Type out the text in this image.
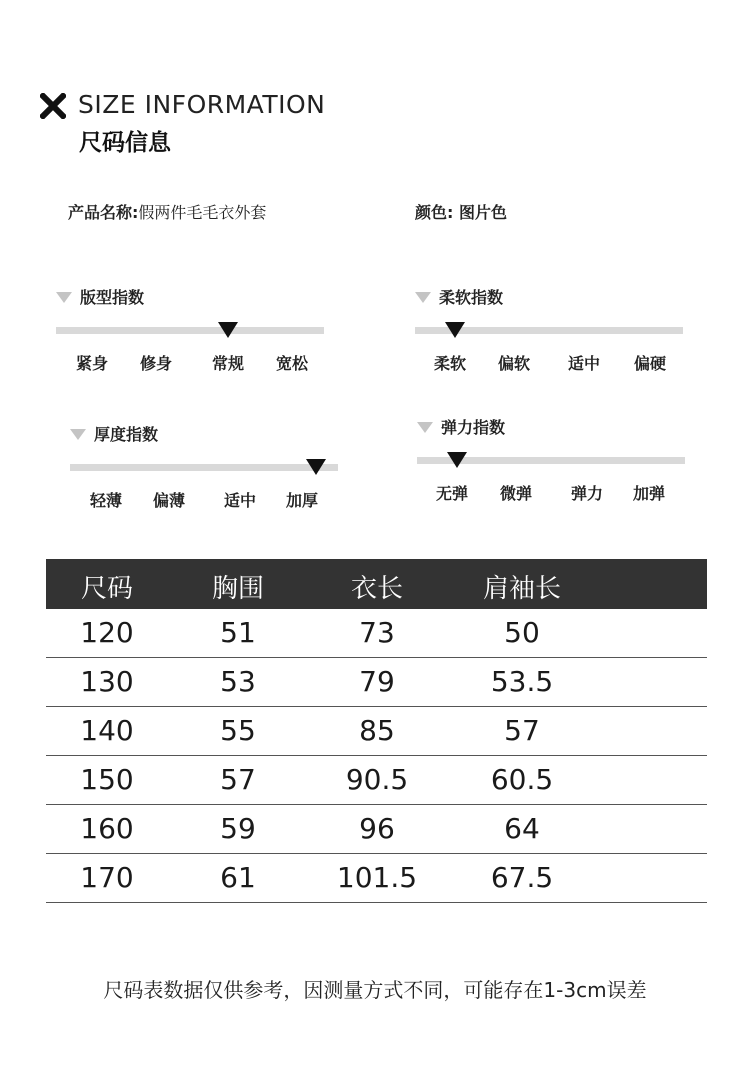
SIZE INFORMATION
尺码信息
产品名称:假两件毛毛衣外套	颜色: 图片色
版型指数
紧身 修身 常规 宽松
柔软指数
柔软 偏软 适中 偏硬
厚度指数
轻薄 偏薄 适中 加厚
弹力指数
无弹 微弹 弹力 加弹
尺码	胸围	衣长	肩袖长
120	51	73	50
130	53	79	53.5
140	55	85	57
150	57	90.5	60.5
160	59	96	64
170	61	101.5	67.5
尺码表数据仅供参考，因测量方式不同，可能存在1-3cm误差
